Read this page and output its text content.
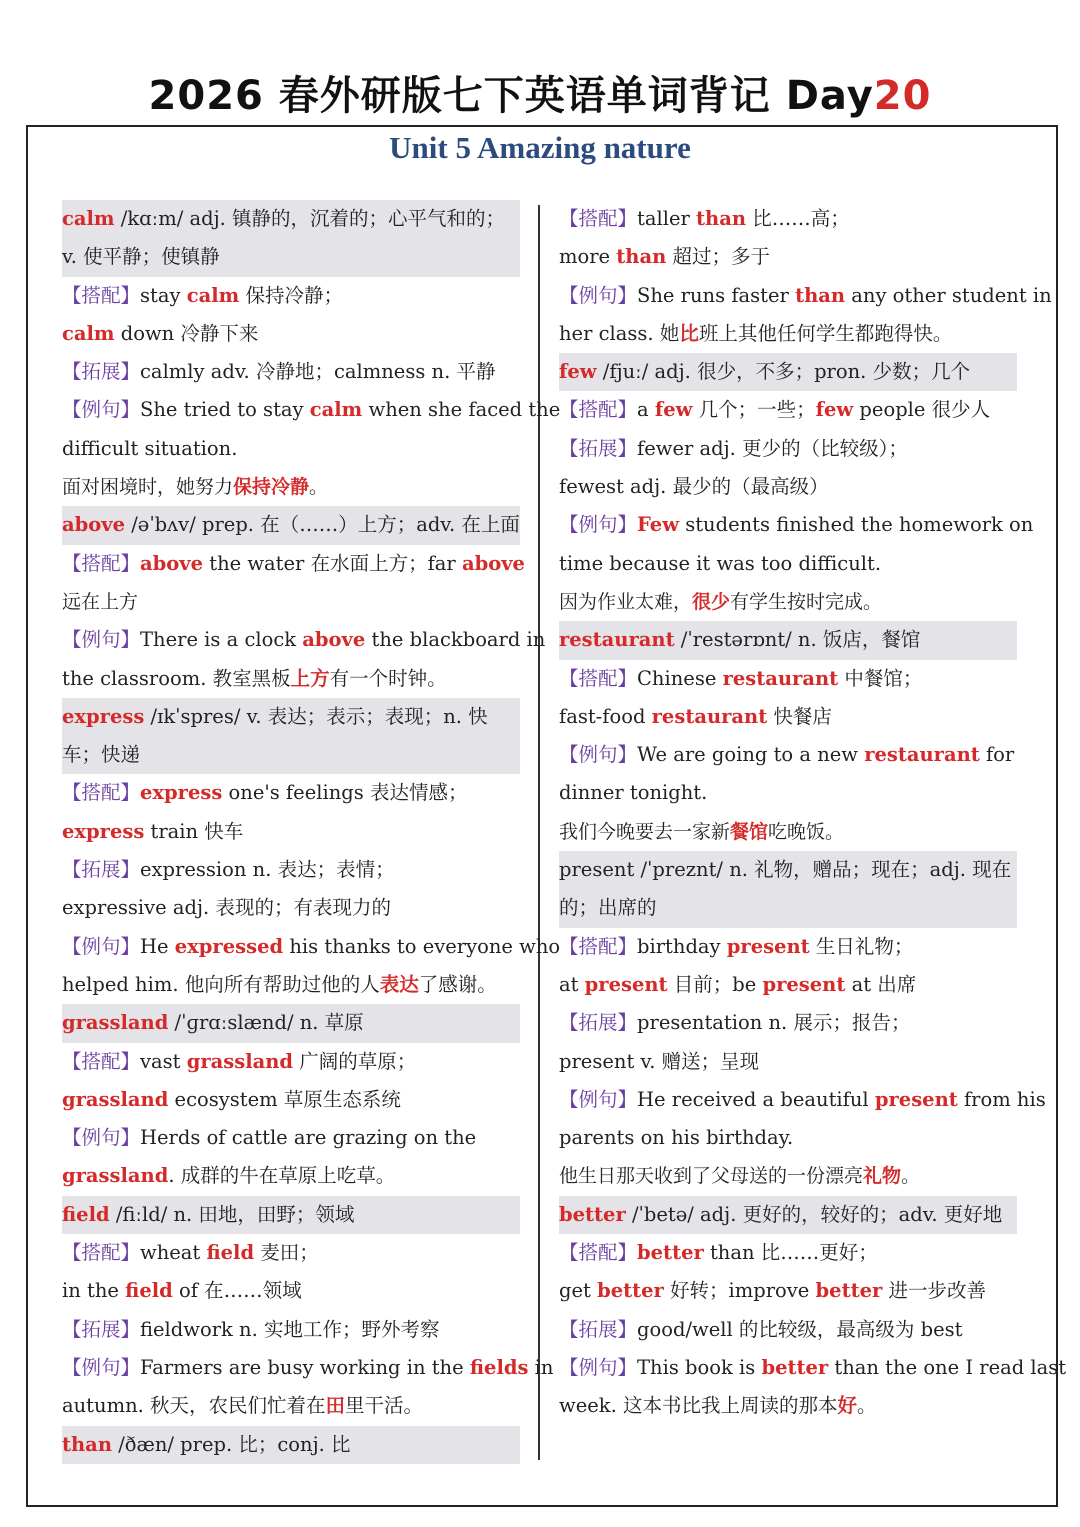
2026 春外研版七下英语单词背记 Day20
Unit 5 Amazing nature
calm /kɑːm/ adj. 镇静的，沉着的；心平气和的；
v. 使平静；使镇静
【搭配】stay calm 保持冷静；
calm down 冷静下来
【拓展】calmly adv. 冷静地；calmness n. 平静
【例句】She tried to stay calm when she faced the
difficult situation.
面对困境时，她努力保持冷静。
above /əˈbʌv/ prep. 在（……）上方；adv. 在上面
【搭配】above the water 在水面上方；far above
远在上方
【例句】There is a clock above the blackboard in
the classroom. 教室黑板上方有一个时钟。
express /ɪkˈspres/ v. 表达；表示；表现；n. 快
车；快递
【搭配】express one's feelings 表达情感；
express train 快车
【拓展】expression n. 表达；表情；
expressive adj. 表现的；有表现力的
【例句】He expressed his thanks to everyone who
helped him. 他向所有帮助过他的人表达了感谢。
grassland /ˈɡrɑːslænd/ n. 草原
【搭配】vast grassland 广阔的草原；
grassland ecosystem 草原生态系统
【例句】Herds of cattle are grazing on the
grassland. 成群的牛在草原上吃草。
field /fiːld/ n. 田地，田野；领域
【搭配】wheat field 麦田；
in the field of 在……领域
【拓展】fieldwork n. 实地工作；野外考察
【例句】Farmers are busy working in the fields in
autumn. 秋天，农民们忙着在田里干活。
than /ðæn/ prep. 比；conj. 比
【搭配】taller than 比……高；
more than 超过；多于
【例句】She runs faster than any other student in
her class. 她比班上其他任何学生都跑得快。
few /fjuː/ adj. 很少，不多；pron. 少数；几个
【搭配】a few 几个；一些；few people 很少人
【拓展】fewer adj. 更少的（比较级）；
fewest adj. 最少的（最高级）
【例句】Few students finished the homework on
time because it was too difficult.
因为作业太难，很少有学生按时完成。
restaurant /ˈrestərɒnt/ n. 饭店，餐馆
【搭配】Chinese restaurant 中餐馆；
fast-food restaurant 快餐店
【例句】We are going to a new restaurant for
dinner tonight.
我们今晚要去一家新餐馆吃晚饭。
present /ˈpreznt/ n. 礼物，赠品；现在；adj. 现在
的；出席的
【搭配】birthday present 生日礼物；
at present 目前；be present at 出席
【拓展】presentation n. 展示；报告；
present v. 赠送；呈现
【例句】He received a beautiful present from his
parents on his birthday.
他生日那天收到了父母送的一份漂亮礼物。
better /ˈbetə/ adj. 更好的，较好的；adv. 更好地
【搭配】better than 比……更好；
get better 好转；improve better 进一步改善
【拓展】good/well 的比较级，最高级为 best
【例句】This book is better than the one I read last
week. 这本书比我上周读的那本好。
